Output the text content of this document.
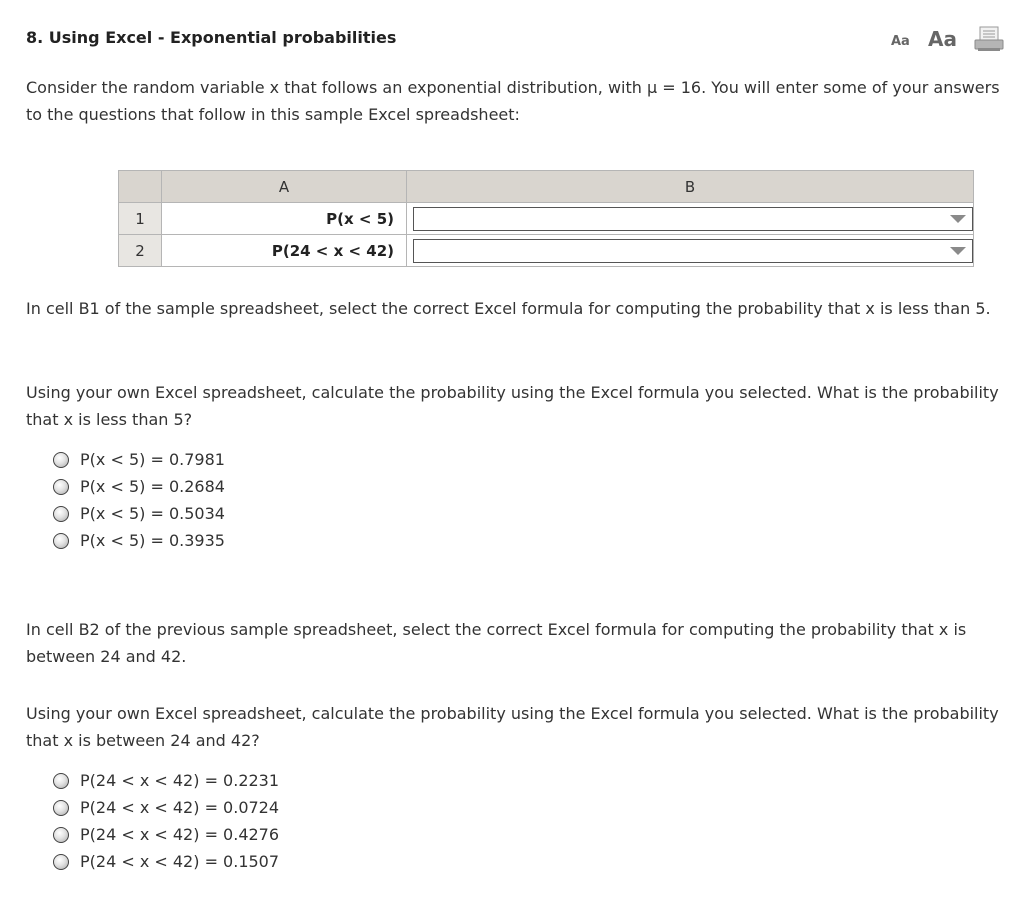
8. Using Excel - Exponential probabilities	Aa Aa
Consider the random variable x that follows an exponential distribution, with μ = 16. You will enter some of your answers to the questions that follow in this sample Excel spreadsheet:
	A	B
1	P(x < 5)	

2	P(24 < x < 42)	
In cell B1 of the sample spreadsheet, select the correct Excel formula for computing the probability that x is less than 5.
Using your own Excel spreadsheet, calculate the probability using the Excel formula you selected. What is the probability that x is less than 5?
P(x < 5) = 0.7981
P(x < 5) = 0.2684
P(x < 5) = 0.5034
P(x < 5) = 0.3935
In cell B2 of the previous sample spreadsheet, select the correct Excel formula for computing the probability that x is between 24 and 42.
Using your own Excel spreadsheet, calculate the probability using the Excel formula you selected. What is the probability that x is between 24 and 42?
P(24 < x < 42) = 0.2231
P(24 < x < 42) = 0.0724
P(24 < x < 42) = 0.4276
P(24 < x < 42) = 0.1507
